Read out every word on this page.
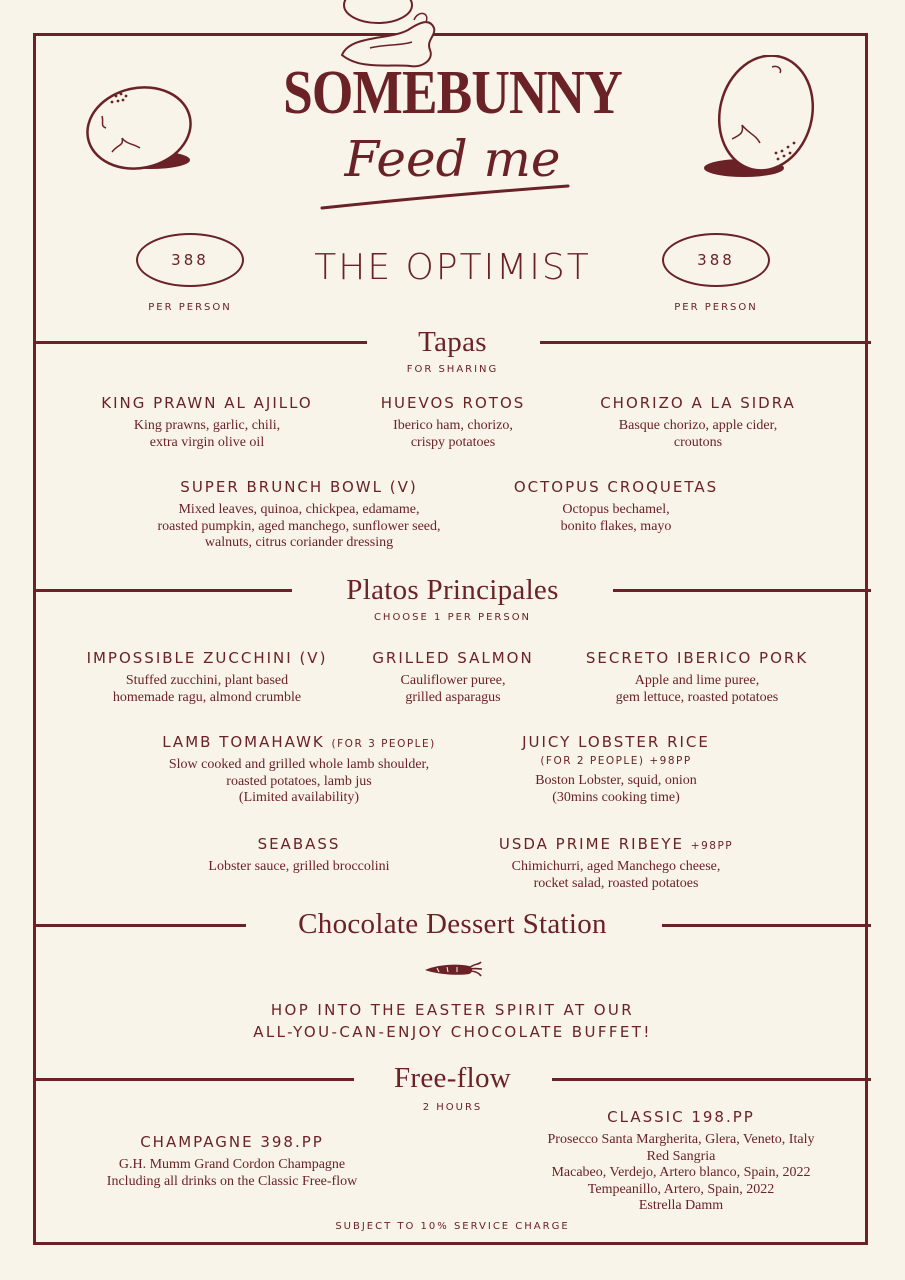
SOMEBUNNY
Feed me
388
PER PERSON
388
PER PERSON
THE OPTIMIST
Tapas
FOR SHARING
KING PRAWN AL AJILLO
King prawns, garlic, chili,
extra virgin olive oil
HUEVOS ROTOS
Iberico ham, chorizo,
crispy potatoes
CHORIZO A LA SIDRA
Basque chorizo, apple cider,
croutons
SUPER BRUNCH BOWL (V)
Mixed leaves, quinoa, chickpea, edamame,
roasted pumpkin, aged manchego, sunflower seed,
walnuts, citrus coriander dressing
OCTOPUS CROQUETAS
Octopus bechamel,
bonito flakes, mayo
Platos Principales
CHOOSE 1 PER PERSON
IMPOSSIBLE ZUCCHINI (V)
Stuffed zucchini, plant based
homemade ragu, almond crumble
GRILLED SALMON
Cauliflower puree,
grilled asparagus
SECRETO IBERICO PORK
Apple and lime puree,
gem lettuce, roasted potatoes
LAMB TOMAHAWK (FOR 3 PEOPLE)
Slow cooked and grilled whole lamb shoulder,
roasted potatoes, lamb jus
(Limited availability)
JUICY LOBSTER RICE
(FOR 2 PEOPLE) +98PP
Boston Lobster, squid, onion
(30mins cooking time)
SEABASS
Lobster sauce, grilled broccolini
USDA PRIME RIBEYE +98PP
Chimichurri, aged Manchego cheese,
rocket salad, roasted potatoes
Chocolate Dessert Station
HOP INTO THE EASTER SPIRIT AT OUR
ALL-YOU-CAN-ENJOY CHOCOLATE BUFFET!
Free-flow
2 HOURS
CHAMPAGNE 398.PP
G.H. Mumm Grand Cordon Champagne
Including all drinks on the Classic Free-flow
CLASSIC 198.PP
Prosecco Santa Margherita, Glera, Veneto, Italy
Red Sangria
Macabeo, Verdejo, Artero blanco, Spain, 2022
Tempeanillo, Artero, Spain, 2022
Estrella Damm
SUBJECT TO 10% SERVICE CHARGE
